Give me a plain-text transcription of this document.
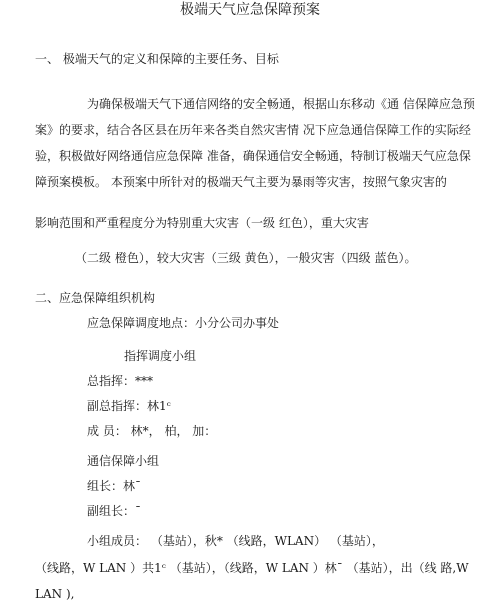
极端天气应急保障预案
一、 极端天气的定义和保障的主要任务、目标
为确保极端天气下通信网络的安全畅通，根据山东移动《通 信保障应急预
案》的要求，结合各区县在历年来各类自然灾害情 况下应急通信保障工作的实际经
验，积极做好网络通信应急保障 准备，确保通信安全畅通，特制订极端天气应急保
障预案模板。 本预案中所针对的极端天气主要为暴雨等灾害，按照气象灾害的
影响范围和严重程度分为特别重大灾害（一级 红色），重大灾害
（二级 橙色），较大灾害（三级 黄色），一般灾害（四级 蓝色）。
二、应急保障组织机构
应急保障调度地点：小分公司办事处
指挥调度小组
总指挥：***
副总指挥：林1ᶜ
成 员： 林*， 柏， 加：
通信保障小组
组长：林ˉ
副组长：ˉ
小组成员： （基站），秋* （线路，WLAN） （基站），
（线路，W LAN ）共1ᶜ （基站），（线路，W LAN ）林ˉ （基站），出（线 路,W
LAN ),
